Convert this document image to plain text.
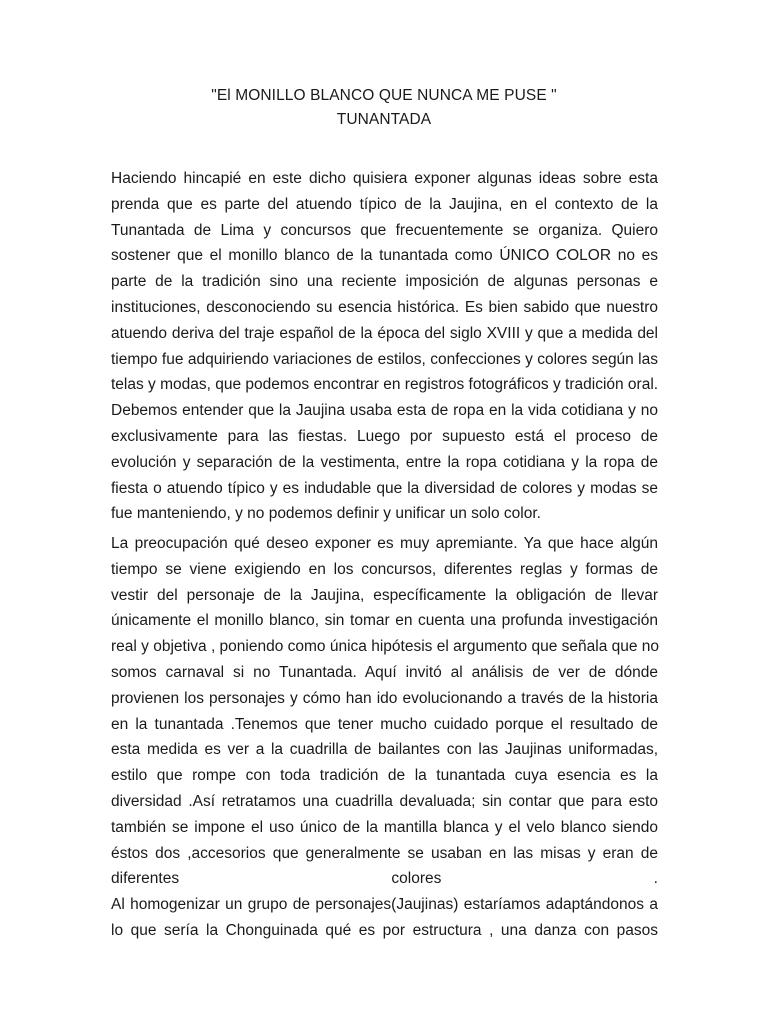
"El MONILLO BLANCO QUE NUNCA ME PUSE "
TUNANTADA
Haciendo hincapié en este dicho quisiera exponer algunas ideas sobre esta
prenda que es parte del atuendo típico de la Jaujina, en el contexto de la
Tunantada de Lima y concursos que frecuentemente se organiza. Quiero
sostener que el monillo blanco de la tunantada como ÚNICO COLOR no es
parte de la tradición sino una reciente imposición de algunas personas e
instituciones, desconociendo su esencia histórica. Es bien sabido que nuestro
atuendo deriva del traje español de la época del siglo XVIII y que a medida del
tiempo fue adquiriendo variaciones de estilos, confecciones y colores según las
telas y modas, que podemos encontrar en registros fotográficos y tradición oral.
Debemos entender que la Jaujina usaba esta de ropa en la vida cotidiana y no
exclusivamente para las fiestas. Luego por supuesto está el proceso de
evolución y separación de la vestimenta, entre la ropa cotidiana y la ropa de
fiesta o atuendo típico y es indudable que la diversidad de colores y modas se
fue manteniendo, y no podemos definir y unificar un solo color.
La preocupación qué deseo exponer es muy apremiante. Ya que hace algún
tiempo se viene exigiendo en los concursos, diferentes reglas y formas de
vestir del personaje de la Jaujina, específicamente la obligación de llevar
únicamente el monillo blanco, sin tomar en cuenta una profunda investigación
real y objetiva , poniendo como única hipótesis el argumento que señala que no
somos carnaval si no Tunantada. Aquí invitó al análisis de ver de dónde
provienen los personajes y cómo han ido evolucionando a través de la historia
en la tunantada .Tenemos que tener mucho cuidado porque el resultado de
esta medida es ver a la cuadrilla de bailantes con las Jaujinas uniformadas,
estilo que rompe con toda tradición de la tunantada cuya esencia es la
diversidad .Así retratamos una cuadrilla devaluada; sin contar que para esto
también se impone el uso único de la mantilla blanca y el velo blanco siendo
éstos dos ,accesorios que generalmente se usaban en las misas y eran de
diferentes colores .
Al homogenizar un grupo de personajes(Jaujinas) estaríamos adaptándonos a
lo que sería la Chonguinada qué es por estructura , una danza con pasos
